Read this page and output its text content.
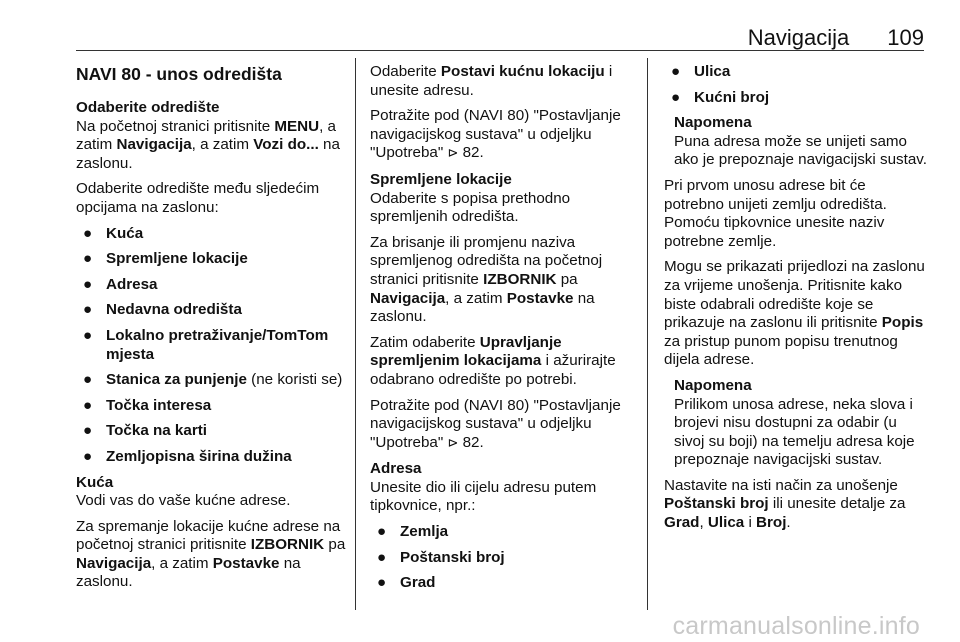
Navigacija 109
NAVI 80 - unos odredišta
Odaberite odredište

Na početnoj stranici pritisnite MENU, a zatim Navigacija, a zatim Vozi do... na zaslonu.

Odaberite odredište među sljedećim opcijama na zaslonu:

● Kuća
● Spremljene lokacije
● Adresa
● Nedavna odredišta
● Lokalno pretraživanje/TomTom mjesta
● Stanica za punjenje (ne koristi se)
● Točka interesa
● Točka na karti
● Zemljopisna širina dužina
Kuća

Vodi vas do vaše kućne adrese.

Za spremanje lokacije kućne adrese na početnoj stranici pritisnite IZBORNIK pa Navigacija, a zatim Postavke na zaslonu.

Odaberite Postavi kućnu lokaciju i unesite adresu.

Potražite pod (NAVI 80) "Postavljanje navigacijskog sustava" u odjeljku "Upotreba" ⊳ 82.

Spremljene lokacije

Odaberite s popisa prethodno spremljenih odredišta.

Za brisanje ili promjenu naziva spremljenog odredišta na početnoj stranici pritisnite IZBORNIK pa Navigacija, a zatim Postavke na zaslonu.

Zatim odaberite Upravljanje spremljenim lokacijama i ažurirajte odabrano odredište po potrebi.

Potražite pod (NAVI 80) "Postavljanje navigacijskog sustava" u odjeljku "Upotreba" ⊳ 82.

Adresa

Unesite dio ili cijelu adresu putem tipkovnice, npr.:

● Zemlja
● Poštanski broj
● Grad
● Ulica
● Kućni broj
Napomena
Puna adresa može se unijeti samo ako je prepoznaje navigacijski sustav.

Pri prvom unosu adrese bit će potrebno unijeti zemlju odredišta. Pomoću tipkovnice unesite naziv potrebne zemlje.

Mogu se prikazati prijedlozi na zaslonu za vrijeme unošenja. Pritisnite kako biste odabrali odredište koje se prikazuje na zaslonu ili pritisnite Popis za pristup punom popisu trenutnog dijela adrese.

Napomena
Prilikom unosa adrese, neka slova i brojevi nisu dostupni za odabir (u sivoj su boji) na temelju adresa koje prepoznaje navigacijski sustav.

Nastavite na isti način za unošenje Poštanski broj ili unesite detalje za Grad, Ulica i Broj.

carmanualsonline.info
